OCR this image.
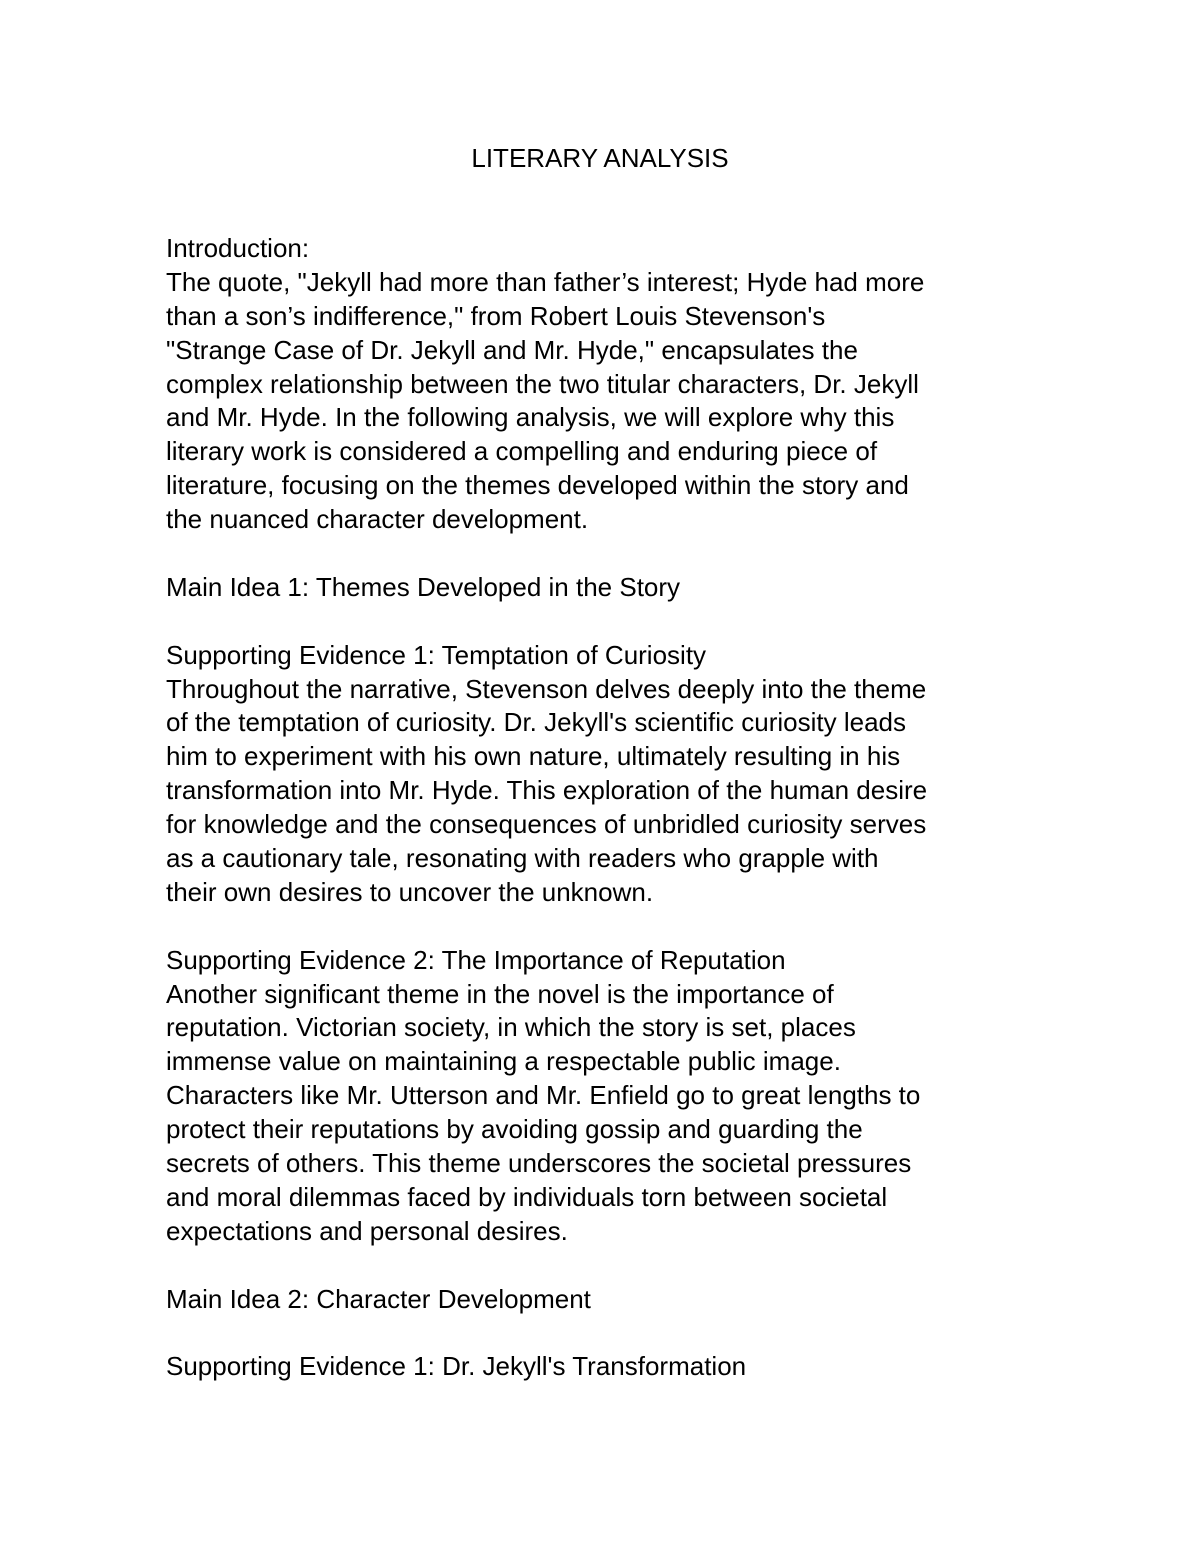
LITERARY ANALYSIS
Introduction:
The quote, "Jekyll had more than father’s interest; Hyde had more
than a son’s indifference," from Robert Louis Stevenson's
"Strange Case of Dr. Jekyll and Mr. Hyde," encapsulates the
complex relationship between the two titular characters, Dr. Jekyll
and Mr. Hyde. In the following analysis, we will explore why this
literary work is considered a compelling and enduring piece of
literature, focusing on the themes developed within the story and
the nuanced character development.
Main Idea 1: Themes Developed in the Story
Supporting Evidence 1: Temptation of Curiosity
Throughout the narrative, Stevenson delves deeply into the theme
of the temptation of curiosity. Dr. Jekyll's scientific curiosity leads
him to experiment with his own nature, ultimately resulting in his
transformation into Mr. Hyde. This exploration of the human desire
for knowledge and the consequences of unbridled curiosity serves
as a cautionary tale, resonating with readers who grapple with
their own desires to uncover the unknown.
Supporting Evidence 2: The Importance of Reputation
Another significant theme in the novel is the importance of
reputation. Victorian society, in which the story is set, places
immense value on maintaining a respectable public image.
Characters like Mr. Utterson and Mr. Enfield go to great lengths to
protect their reputations by avoiding gossip and guarding the
secrets of others. This theme underscores the societal pressures
and moral dilemmas faced by individuals torn between societal
expectations and personal desires.
Main Idea 2: Character Development
Supporting Evidence 1: Dr. Jekyll's Transformation
